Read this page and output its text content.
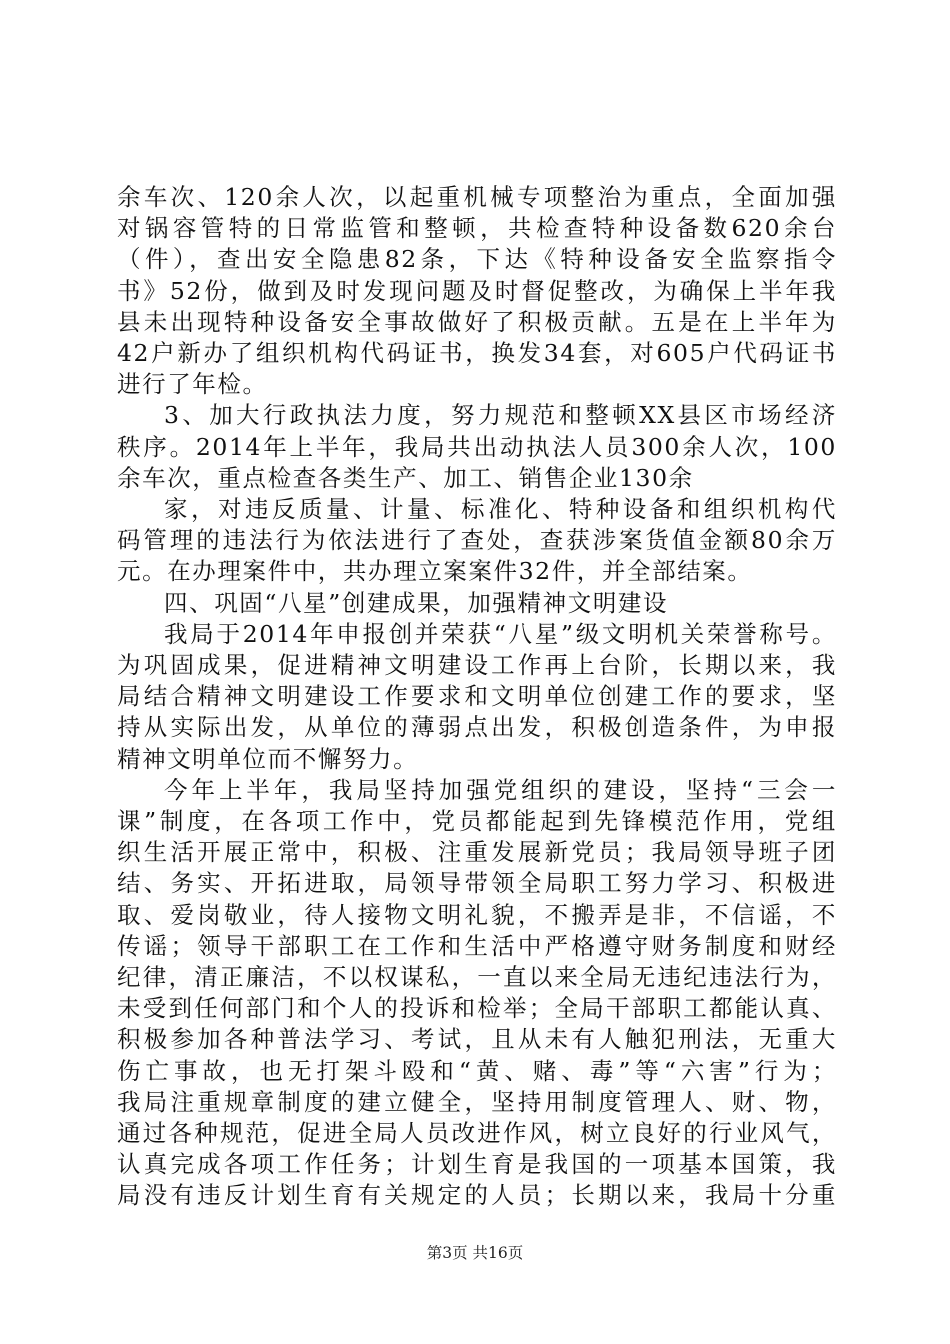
余车次、120余人次，以起重机械专项整治为重点，全面加强
对锅容管特的日常监管和整顿，共检查特种设备数620余台
（件），查出安全隐患82条，下达《特种设备安全监察指令
书》52份，做到及时发现问题及时督促整改，为确保上半年我
县未出现特种设备安全事故做好了积极贡献。五是在上半年为
42户新办了组织机构代码证书，换发34套，对605户代码证书
进行了年检。
3、加大行政执法力度，努力规范和整顿XX县区市场经济
秩序。2014年上半年，我局共出动执法人员300余人次，100
余车次，重点检查各类生产、加工、销售企业130余
家，对违反质量、计量、标准化、特种设备和组织机构代
码管理的违法行为依法进行了查处，查获涉案货值金额80余万
元。在办理案件中，共办理立案案件32件，并全部结案。
四、巩固“八星”创建成果，加强精神文明建设
我局于2014年申报创并荣获“八星”级文明机关荣誉称号。
为巩固成果，促进精神文明建设工作再上台阶，长期以来，我
局结合精神文明建设工作要求和文明单位创建工作的要求，坚
持从实际出发，从单位的薄弱点出发，积极创造条件，为申报
精神文明单位而不懈努力。
今年上半年，我局坚持加强党组织的建设，坚持“三会一
课”制度，在各项工作中，党员都能起到先锋模范作用，党组
织生活开展正常中，积极、注重发展新党员；我局领导班子团
结、务实、开拓进取，局领导带领全局职工努力学习、积极进
取、爱岗敬业，待人接物文明礼貌，不搬弄是非，不信谣，不
传谣；领导干部职工在工作和生活中严格遵守财务制度和财经
纪律，清正廉洁，不以权谋私，一直以来全局无违纪违法行为，
未受到任何部门和个人的投诉和检举；全局干部职工都能认真、
积极参加各种普法学习、考试，且从未有人触犯刑法，无重大
伤亡事故，也无打架斗殴和“黄、赌、毒”等“六害”行为；
我局注重规章制度的建立健全，坚持用制度管理人、财、物，
通过各种规范，促进全局人员改进作风，树立良好的行业风气，
认真完成各项工作任务；计划生育是我国的一项基本国策，我
局没有违反计划生育有关规定的人员；长期以来，我局十分重
第3页 共16页
